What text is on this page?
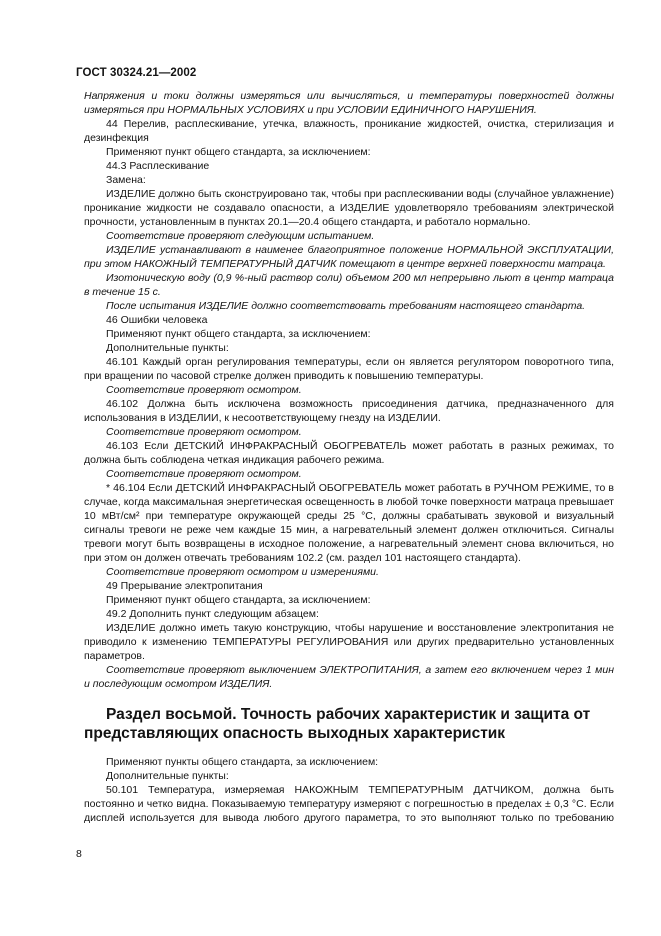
ГОСТ 30324.21—2002

Напряжения и токи должны измеряться или вычисляться, и температуры поверхностей должны измеряться при НОРМАЛЬНЫХ УСЛОВИЯХ и при УСЛОВИИ ЕДИНИЧНОГО НАРУШЕНИЯ.

44 Перелив, расплескивание, утечка, влажность, проникание жидкостей, очистка, стерилизация и дезинфекция

Применяют пункт общего стандарта, за исключением:

44.3 Расплескивание

Замена:

ИЗДЕЛИЕ должно быть сконструировано так, чтобы при расплескивании воды (случайное увлажнение) проникание жидкости не создавало опасности, а ИЗДЕЛИЕ удовлетворяло требованиям электрической прочности, установленным в пунктах 20.1—20.4 общего стандарта, и работало нормально.

Соответствие проверяют следующим испытанием.

ИЗДЕЛИЕ устанавливают в наименее благоприятное положение НОРМАЛЬНОЙ ЭКСПЛУАТАЦИИ, при этом НАКОЖНЫЙ ТЕМПЕРАТУРНЫЙ ДАТЧИК помещают в центре верхней поверхности матраца.

Изотоническую воду (0,9 %-ный раствор соли) объемом 200 мл непрерывно льют в центр матраца в течение 15 с.

После испытания ИЗДЕЛИЕ должно соответствовать требованиям настоящего стандарта.

46 Ошибки человека

Применяют пункт общего стандарта, за исключением:

Дополнительные пункты:

46.101 Каждый орган регулирования температуры, если он является регулятором поворотного типа, при вращении по часовой стрелке должен приводить к повышению температуры.

Соответствие проверяют осмотром.

46.102 Должна быть исключена возможность присоединения датчика, предназначенного для использования в ИЗДЕЛИИ, к несоответствующему гнезду на ИЗДЕЛИИ.

Соответствие проверяют осмотром.

46.103 Если ДЕТСКИЙ ИНФРАКРАСНЫЙ ОБОГРЕВАТЕЛЬ может работать в разных режимах, то должна быть соблюдена четкая индикация рабочего режима.

Соответствие проверяют осмотром.

* 46.104 Если ДЕТСКИЙ ИНФРАКРАСНЫЙ ОБОГРЕВАТЕЛЬ может работать в РУЧНОМ РЕЖИМЕ, то в случае, когда максимальная энергетическая освещенность в любой точке поверхности матраца превышает 10 мВт/см² при температуре окружающей среды 25 °С, должны срабатывать звуковой и визуальный сигналы тревоги не реже чем каждые 15 мин, а нагревательный элемент должен отключиться. Сигналы тревоги могут быть возвращены в исходное положение, а нагревательный элемент снова включиться, но при этом он должен отвечать требованиям 102.2 (см. раздел 101 настоящего стандарта).

Соответствие проверяют осмотром и измерениями.

49 Прерывание электропитания

Применяют пункт общего стандарта, за исключением:

49.2 Дополнить пункт следующим абзацем:

ИЗДЕЛИЕ должно иметь такую конструкцию, чтобы нарушение и восстановление электропитания не приводило к изменению ТЕМПЕРАТУРЫ РЕГУЛИРОВАНИЯ или других предварительно установленных параметров.

Соответствие проверяют выключением ЭЛЕКТРОПИТАНИЯ, а затем его включением через 1 мин и последующим осмотром ИЗДЕЛИЯ.

Раздел восьмой. Точность рабочих характеристик и защита от представляющих опасность выходных характеристик

Применяют пункты общего стандарта, за исключением:

Дополнительные пункты:

50.101 Температура, измеряемая НАКОЖНЫМ ТЕМПЕРАТУРНЫМ ДАТЧИКОМ, должна быть постоянно и четко видна. Показываемую температуру измеряют с погрешностью в пределах ± 0,3 °С. Если дисплей используется для вывода любого другого параметра, то это выполняют только по требованию

8
